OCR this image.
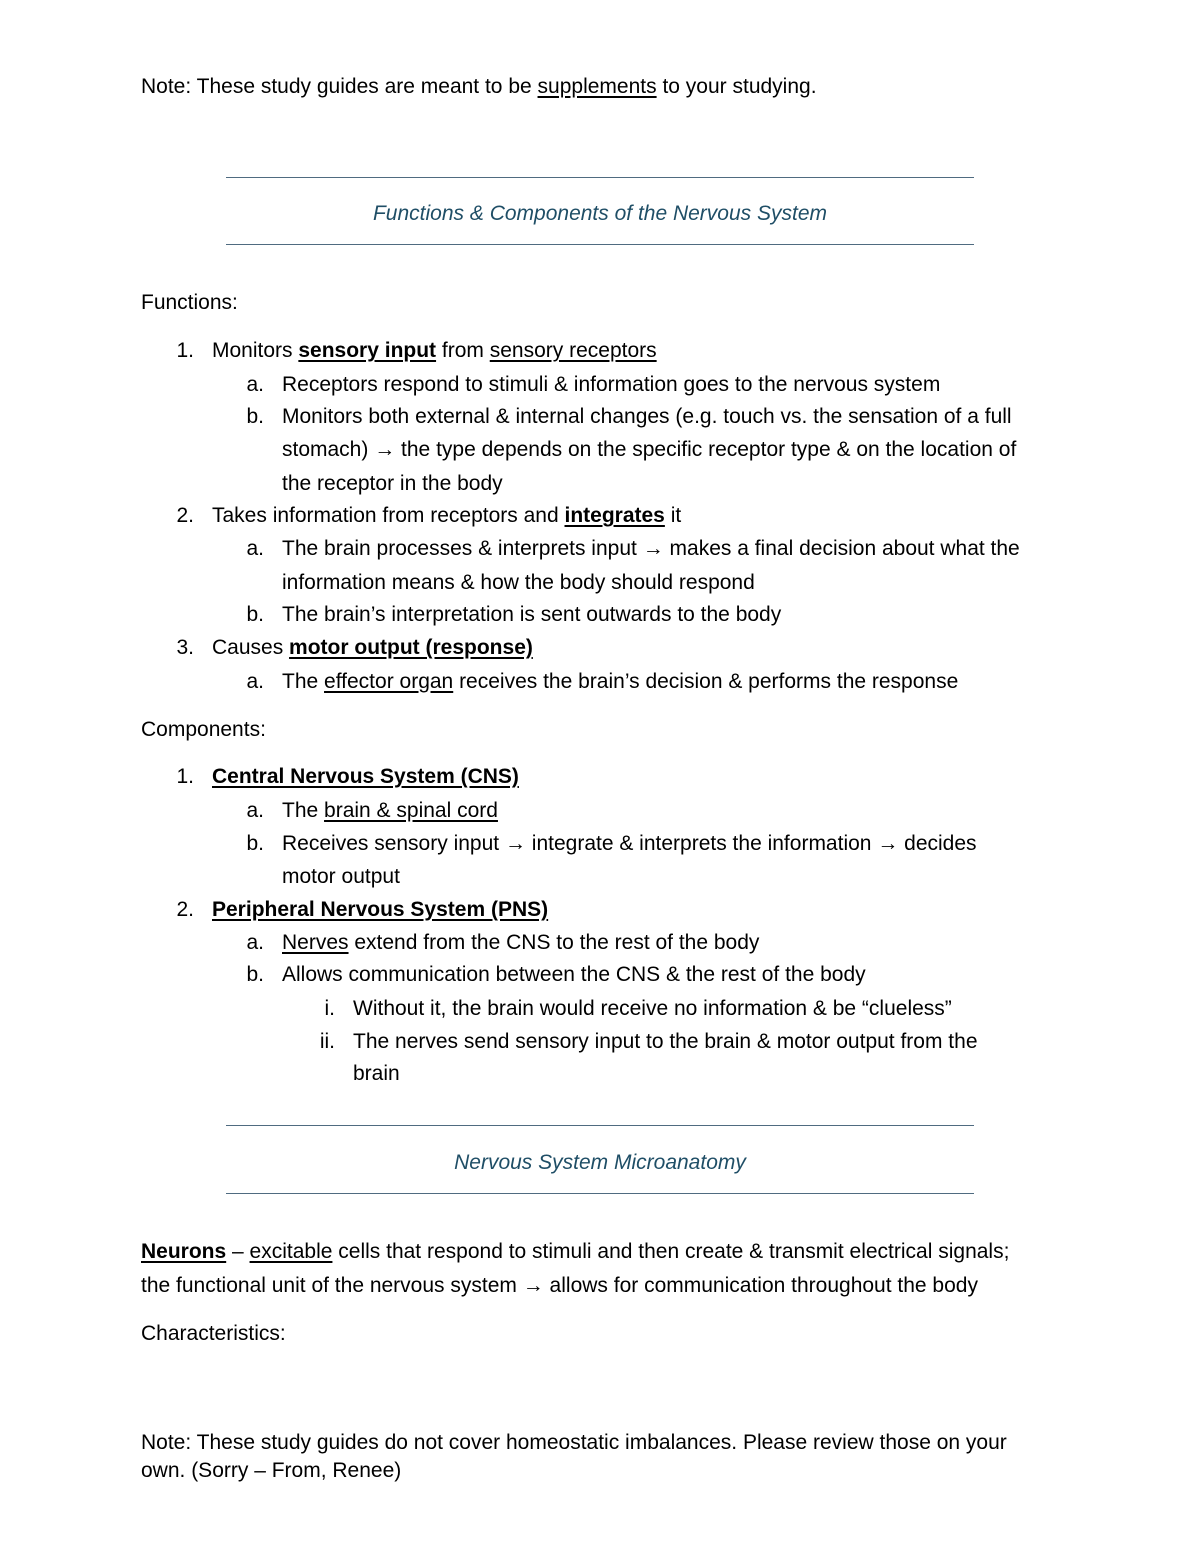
Note: These study guides are meant to be supplements to your studying.
Functions & Components of the Nervous System
Functions:
1. Monitors sensory input from sensory receptors
a. Receptors respond to stimuli & information goes to the nervous system
b. Monitors both external & internal changes (e.g. touch vs. the sensation of a full
stomach) → the type depends on the specific receptor type & on the location of
the receptor in the body
2. Takes information from receptors and integrates it
a. The brain processes & interprets input → makes a final decision about what the
information means & how the body should respond
b. The brain’s interpretation is sent outwards to the body
3. Causes motor output (response)
a. The effector organ receives the brain’s decision & performs the response
Components:
1. Central Nervous System (CNS)
a. The brain & spinal cord
b. Receives sensory input → integrate & interprets the information → decides
motor output
2. Peripheral Nervous System (PNS)
a. Nerves extend from the CNS to the rest of the body
b. Allows communication between the CNS & the rest of the body
i. Without it, the brain would receive no information & be “clueless”
ii. The nerves send sensory input to the brain & motor output from the
brain
Nervous System Microanatomy
Neurons – excitable cells that respond to stimuli and then create & transmit electrical signals;
the functional unit of the nervous system → allows for communication throughout the body
Characteristics:
Note: These study guides do not cover homeostatic imbalances. Please review those on your
own. (Sorry – From, Renee)
